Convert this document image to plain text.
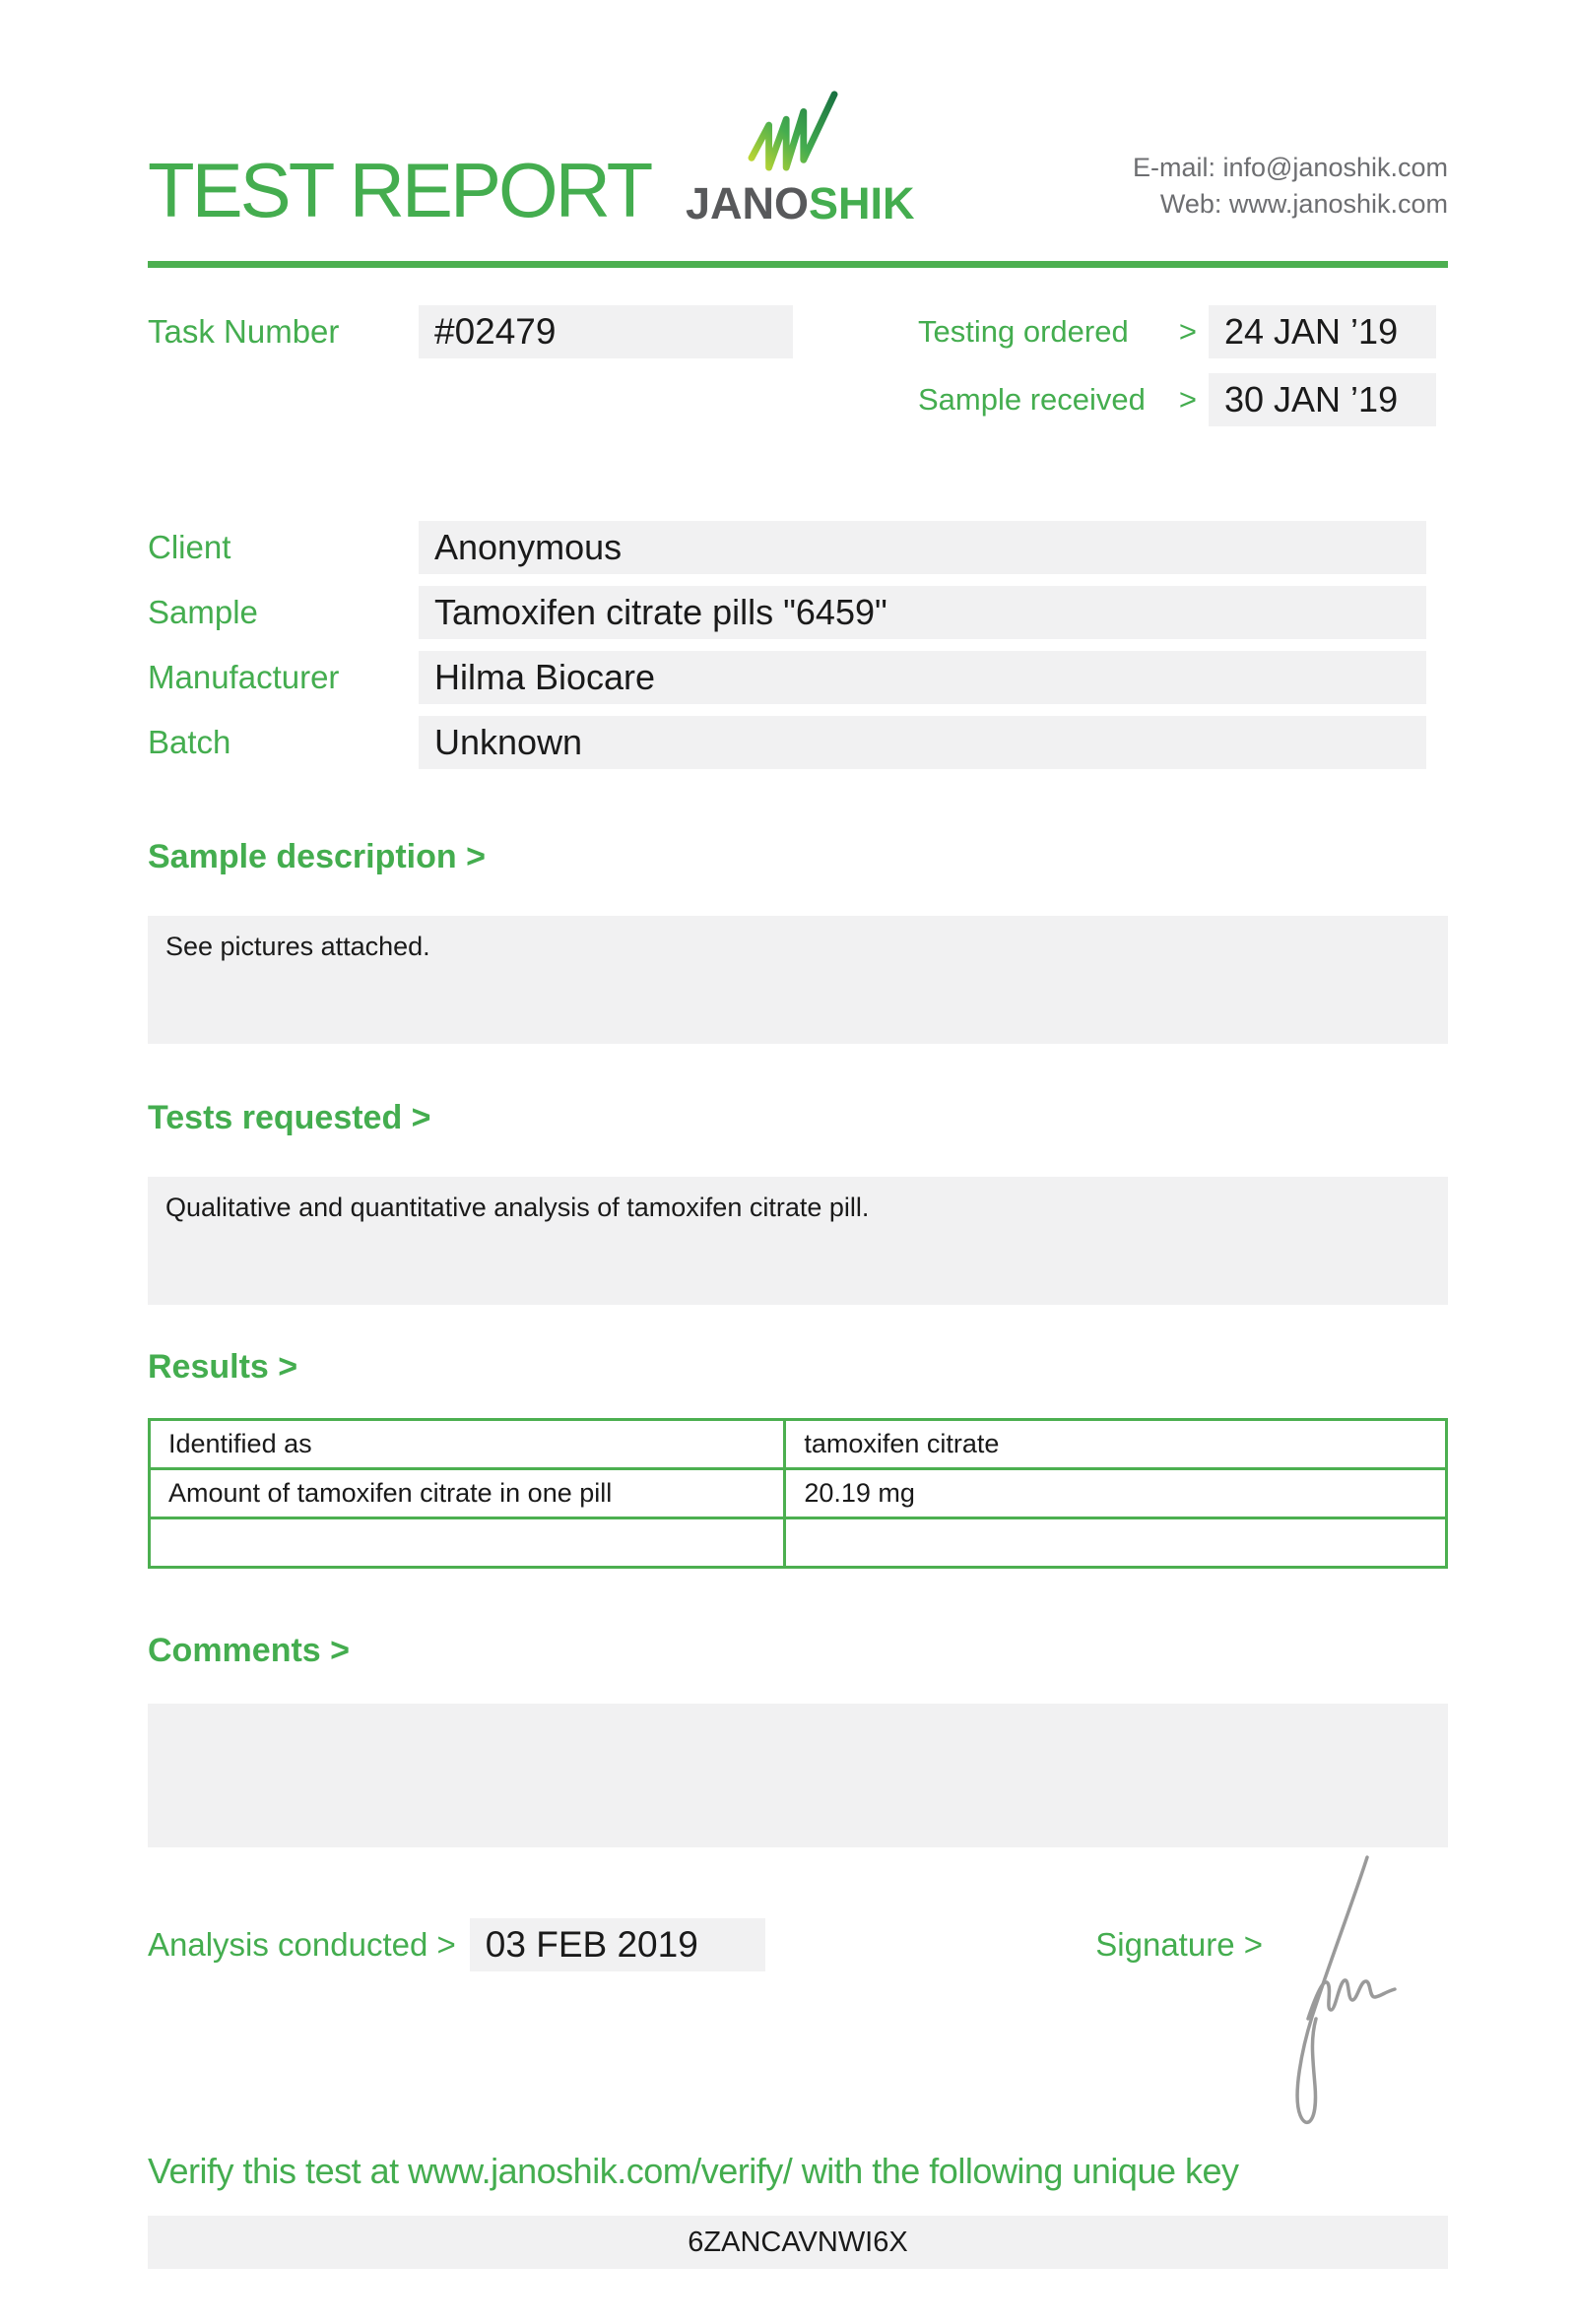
TEST REPORT JANOSHIK
E-mail: info@janoshik.com
Web: www.janoshik.com
Task Number	#02479	Testing ordered > 24 JAN ’19
Sample received > 30 JAN ’19
Client	Anonymous
Sample	Tamoxifen citrate pills "6459"
Manufacturer	Hilma Biocare
Batch	Unknown
Sample description >
See pictures attached.
Tests requested >
Qualitative and quantitative analysis of tamoxifen citrate pill.
Results >
Identified as	tamoxifen citrate
Amount of tamoxifen citrate in one pill	20.19 mg

Comments >
Analysis conducted > 03 FEB 2019	Signature >
Verify this test at www.janoshik.com/verify/ with the following unique key
6ZANCAVNWI6X
